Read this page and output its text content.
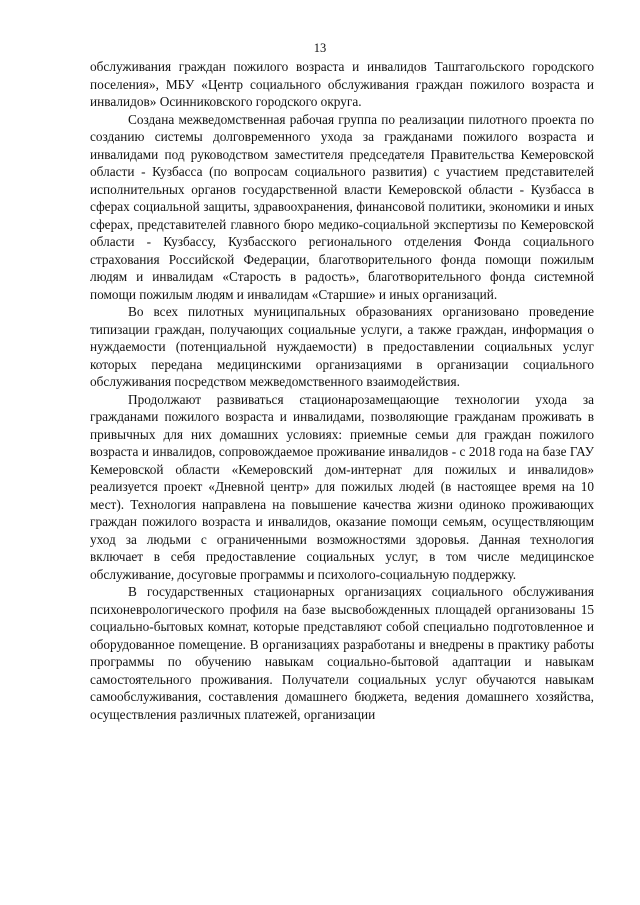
13

обслуживания граждан пожилого возраста и инвалидов Таштагольского городского поселения», МБУ «Центр социального обслуживания граждан пожилого возраста и инвалидов» Осинниковского городского округа.

Создана межведомственная рабочая группа по реализации пилотного проекта по созданию системы долговременного ухода за гражданами пожилого возраста и инвалидами под руководством заместителя председателя Правительства Кемеровской области - Кузбасса (по вопросам социального развития) с участием представителей исполнительных органов государственной власти Кемеровской области - Кузбасса в сферах социальной защиты, здравоохранения, финансовой политики, экономики и иных сферах, представителей главного бюро медико-социальной экспертизы по Кемеровской области - Кузбассу, Кузбасского регионального отделения Фонда социального страхования Российской Федерации, благотворительного фонда помощи пожилым людям и инвалидам «Старость в радость», благотворительного фонда системной помощи пожилым людям и инвалидам «Старшие» и иных организаций.

Во всех пилотных муниципальных образованиях организовано проведение типизации граждан, получающих социальные услуги, а также граждан, информация о нуждаемости (потенциальной нуждаемости) в предоставлении социальных услуг которых передана медицинскими организациями в организации социального обслуживания посредством межведомственного взаимодействия.

Продолжают развиваться стационарозамещающие технологии ухода за гражданами пожилого возраста и инвалидами, позволяющие гражданам проживать в привычных для них домашних условиях: приемные семьи для граждан пожилого возраста и инвалидов, сопровождаемое проживание инвалидов - с 2018 года на базе ГАУ Кемеровской области «Кемеровский дом-интернат для пожилых и инвалидов» реализуется проект «Дневной центр» для пожилых людей (в настоящее время на 10 мест). Технология направлена на повышение качества жизни одиноко проживающих граждан пожилого возраста и инвалидов, оказание помощи семьям, осуществляющим уход за людьми с ограниченными возможностями здоровья. Данная технология включает в себя предоставление социальных услуг, в том числе медицинское обслуживание, досуговые программы и психолого-социальную поддержку.

В государственных стационарных организациях социального обслуживания психоневрологического профиля на базе высвобожденных площадей организованы 15 социально-бытовых комнат, которые представляют собой специально подготовленное и оборудованное помещение. В организациях разработаны и внедрены в практику работы программы по обучению навыкам социально-бытовой адаптации и навыкам самостоятельного проживания. Получатели социальных услуг обучаются навыкам самообслуживания, составления домашнего бюджета, ведения домашнего хозяйства, осуществления различных платежей, организации
